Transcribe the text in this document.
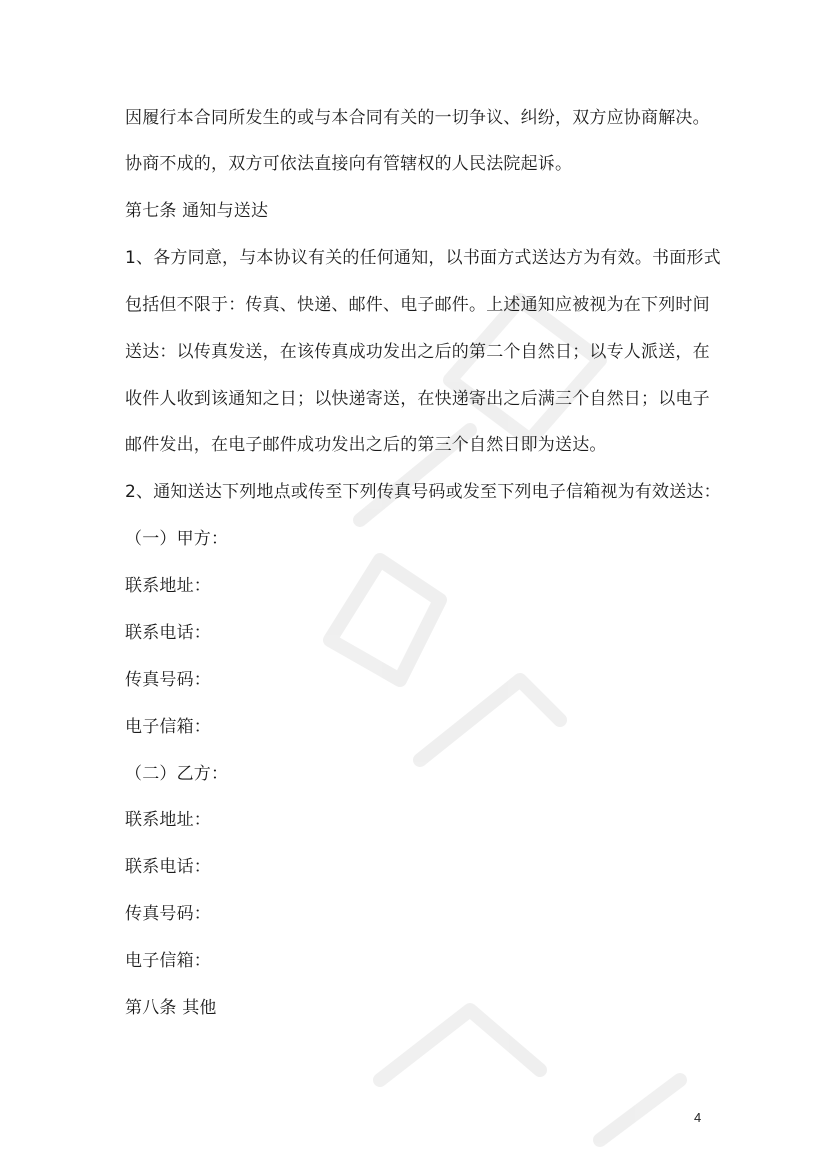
因履行本合同所发生的或与本合同有关的一切争议、纠纷，双方应协商解决。
协商不成的，双方可依法直接向有管辖权的人民法院起诉。
第七条 通知与送达
1、各方同意，与本协议有关的任何通知，以书面方式送达方为有效。书面形式
包括但不限于：传真、快递、邮件、电子邮件。上述通知应被视为在下列时间
送达：以传真发送，在该传真成功发出之后的第二个自然日；以专人派送，在
收件人收到该通知之日；以快递寄送，在快递寄出之后满三个自然日；以电子
邮件发出，在电子邮件成功发出之后的第三个自然日即为送达。
2、通知送达下列地点或传至下列传真号码或发至下列电子信箱视为有效送达：
（一）甲方：
联系地址：
联系电话：
传真号码：
电子信箱：
（二）乙方：
联系地址：
联系电话：
传真号码：
电子信箱：
第八条 其他
4
